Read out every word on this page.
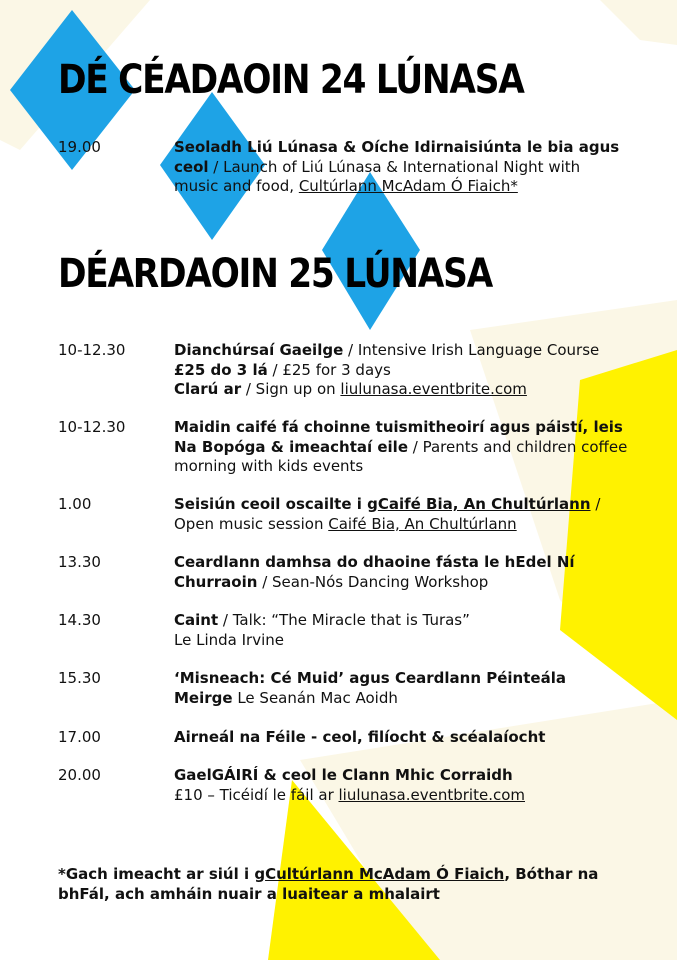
DÉ CÉADAOIN 24 LÚNASA
19.00	Seoladh Liú Lúnasa & Oíche Idirnaisiúnta le bia agus ceol / Launch of Liú Lúnasa & International Night with music and food, Cultúrlann McAdam Ó Fiaich*
DÉARDAOIN 25 LÚNASA
10-12.30	Dianchúrsaí Gaeilge / Intensive Irish Language Course
£25 do 3 lá / £25 for 3 days
Clarú ar / Sign up on liulunasa.eventbrite.com
10-12.30	Maidin caifé fá choinne tuismitheoirí agus páistí, leis Na Bopóga & imeachtaí eile / Parents and children coffee morning with kids events
1.00	Seisiún ceoil oscailte i gCaifé Bia, An Chultúrlann / Open music session Caifé Bia, An Chultúrlann
13.30	Ceardlann damhsa do dhaoine fásta le hEdel Ní Churraoin / Sean-Nós Dancing Workshop
14.30	Caint / Talk: “The Miracle that is Turas”
Le Linda Irvine
15.30	‘Misneach: Cé Muid’ agus Ceardlann Péinteála Meirge Le Seanán Mac Aoidh
17.00	Airneál na Féile - ceol, filíocht & scéalaíocht
20.00	GaelGÁIRÍ & ceol le Clann Mhic Corraidh
£10 – Ticéidí le fáil ar liulunasa.eventbrite.com
*Gach imeacht ar siúl i gCultúrlann McAdam Ó Fiaich, Bóthar na bhFál, ach amháin nuair a luaitear a mhalairt
